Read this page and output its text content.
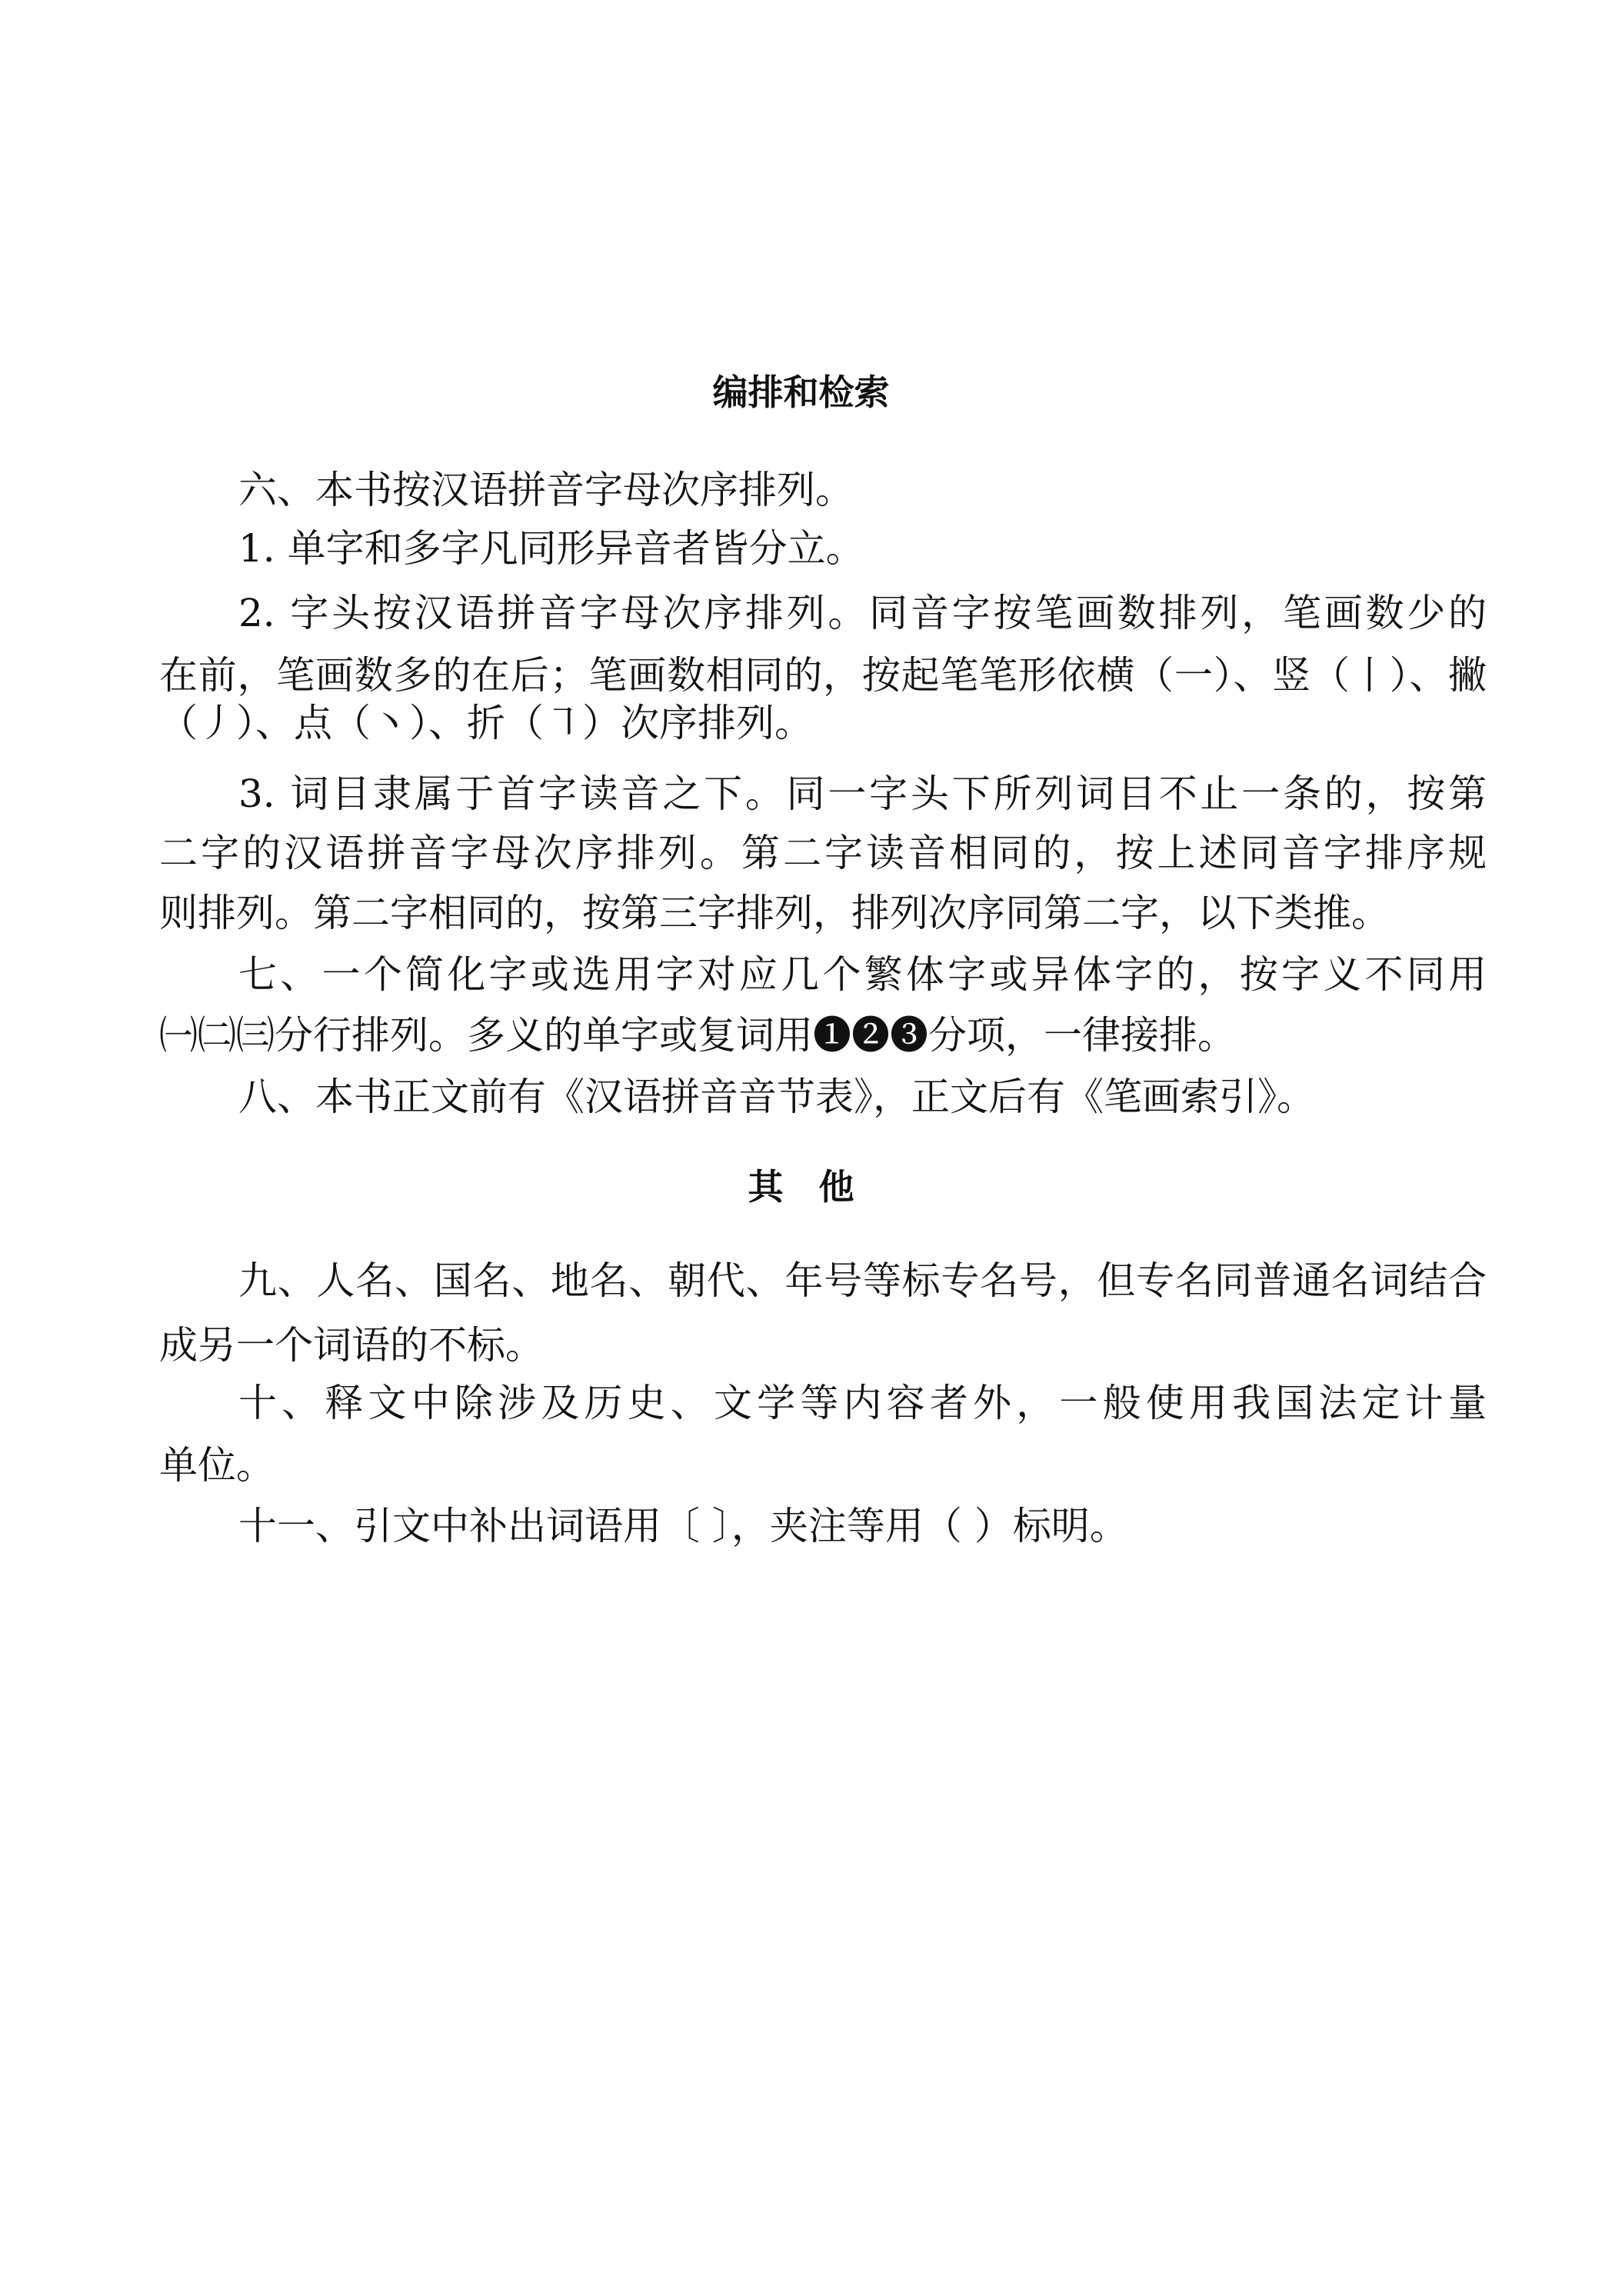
编排和检索
六、本书按汉语拼音字母次序排列。
1. 单字和多字凡同形异音者皆分立。
2. 字头按汉语拼音字母次序排列。同音字按笔画数排列，笔画数少的
在前，笔画数多的在后；笔画数相同的，按起笔笔形依横（一）、竖（丨）、撇
（丿）、点（丶）、折（㇕）次序排列。
3. 词目隶属于首字读音之下。同一字头下所列词目不止一条的，按第
二字的汉语拼音字母次序排列。第二字读音相同的，按上述同音字排序规
则排列。第二字相同的，按第三字排列，排列次序同第二字，以下类推。
七、一个简化字或选用字对应几个繁体字或异体字的，按字义不同用
㈠㈡㈢分行排列。多义的单字或复词用❶❷❸分项，一律接排。
八、本书正文前有《汉语拼音音节表》，正文后有《笔画索引》。
其　他
九、人名、国名、地名、朝代、年号等标专名号，但专名同普通名词结合
成另一个词语的不标。
十、释文中除涉及历史、文学等内容者外，一般使用我国法定计量
单位。
十一、引文中补出词语用〔 〕，夹注等用（ ）标明。
